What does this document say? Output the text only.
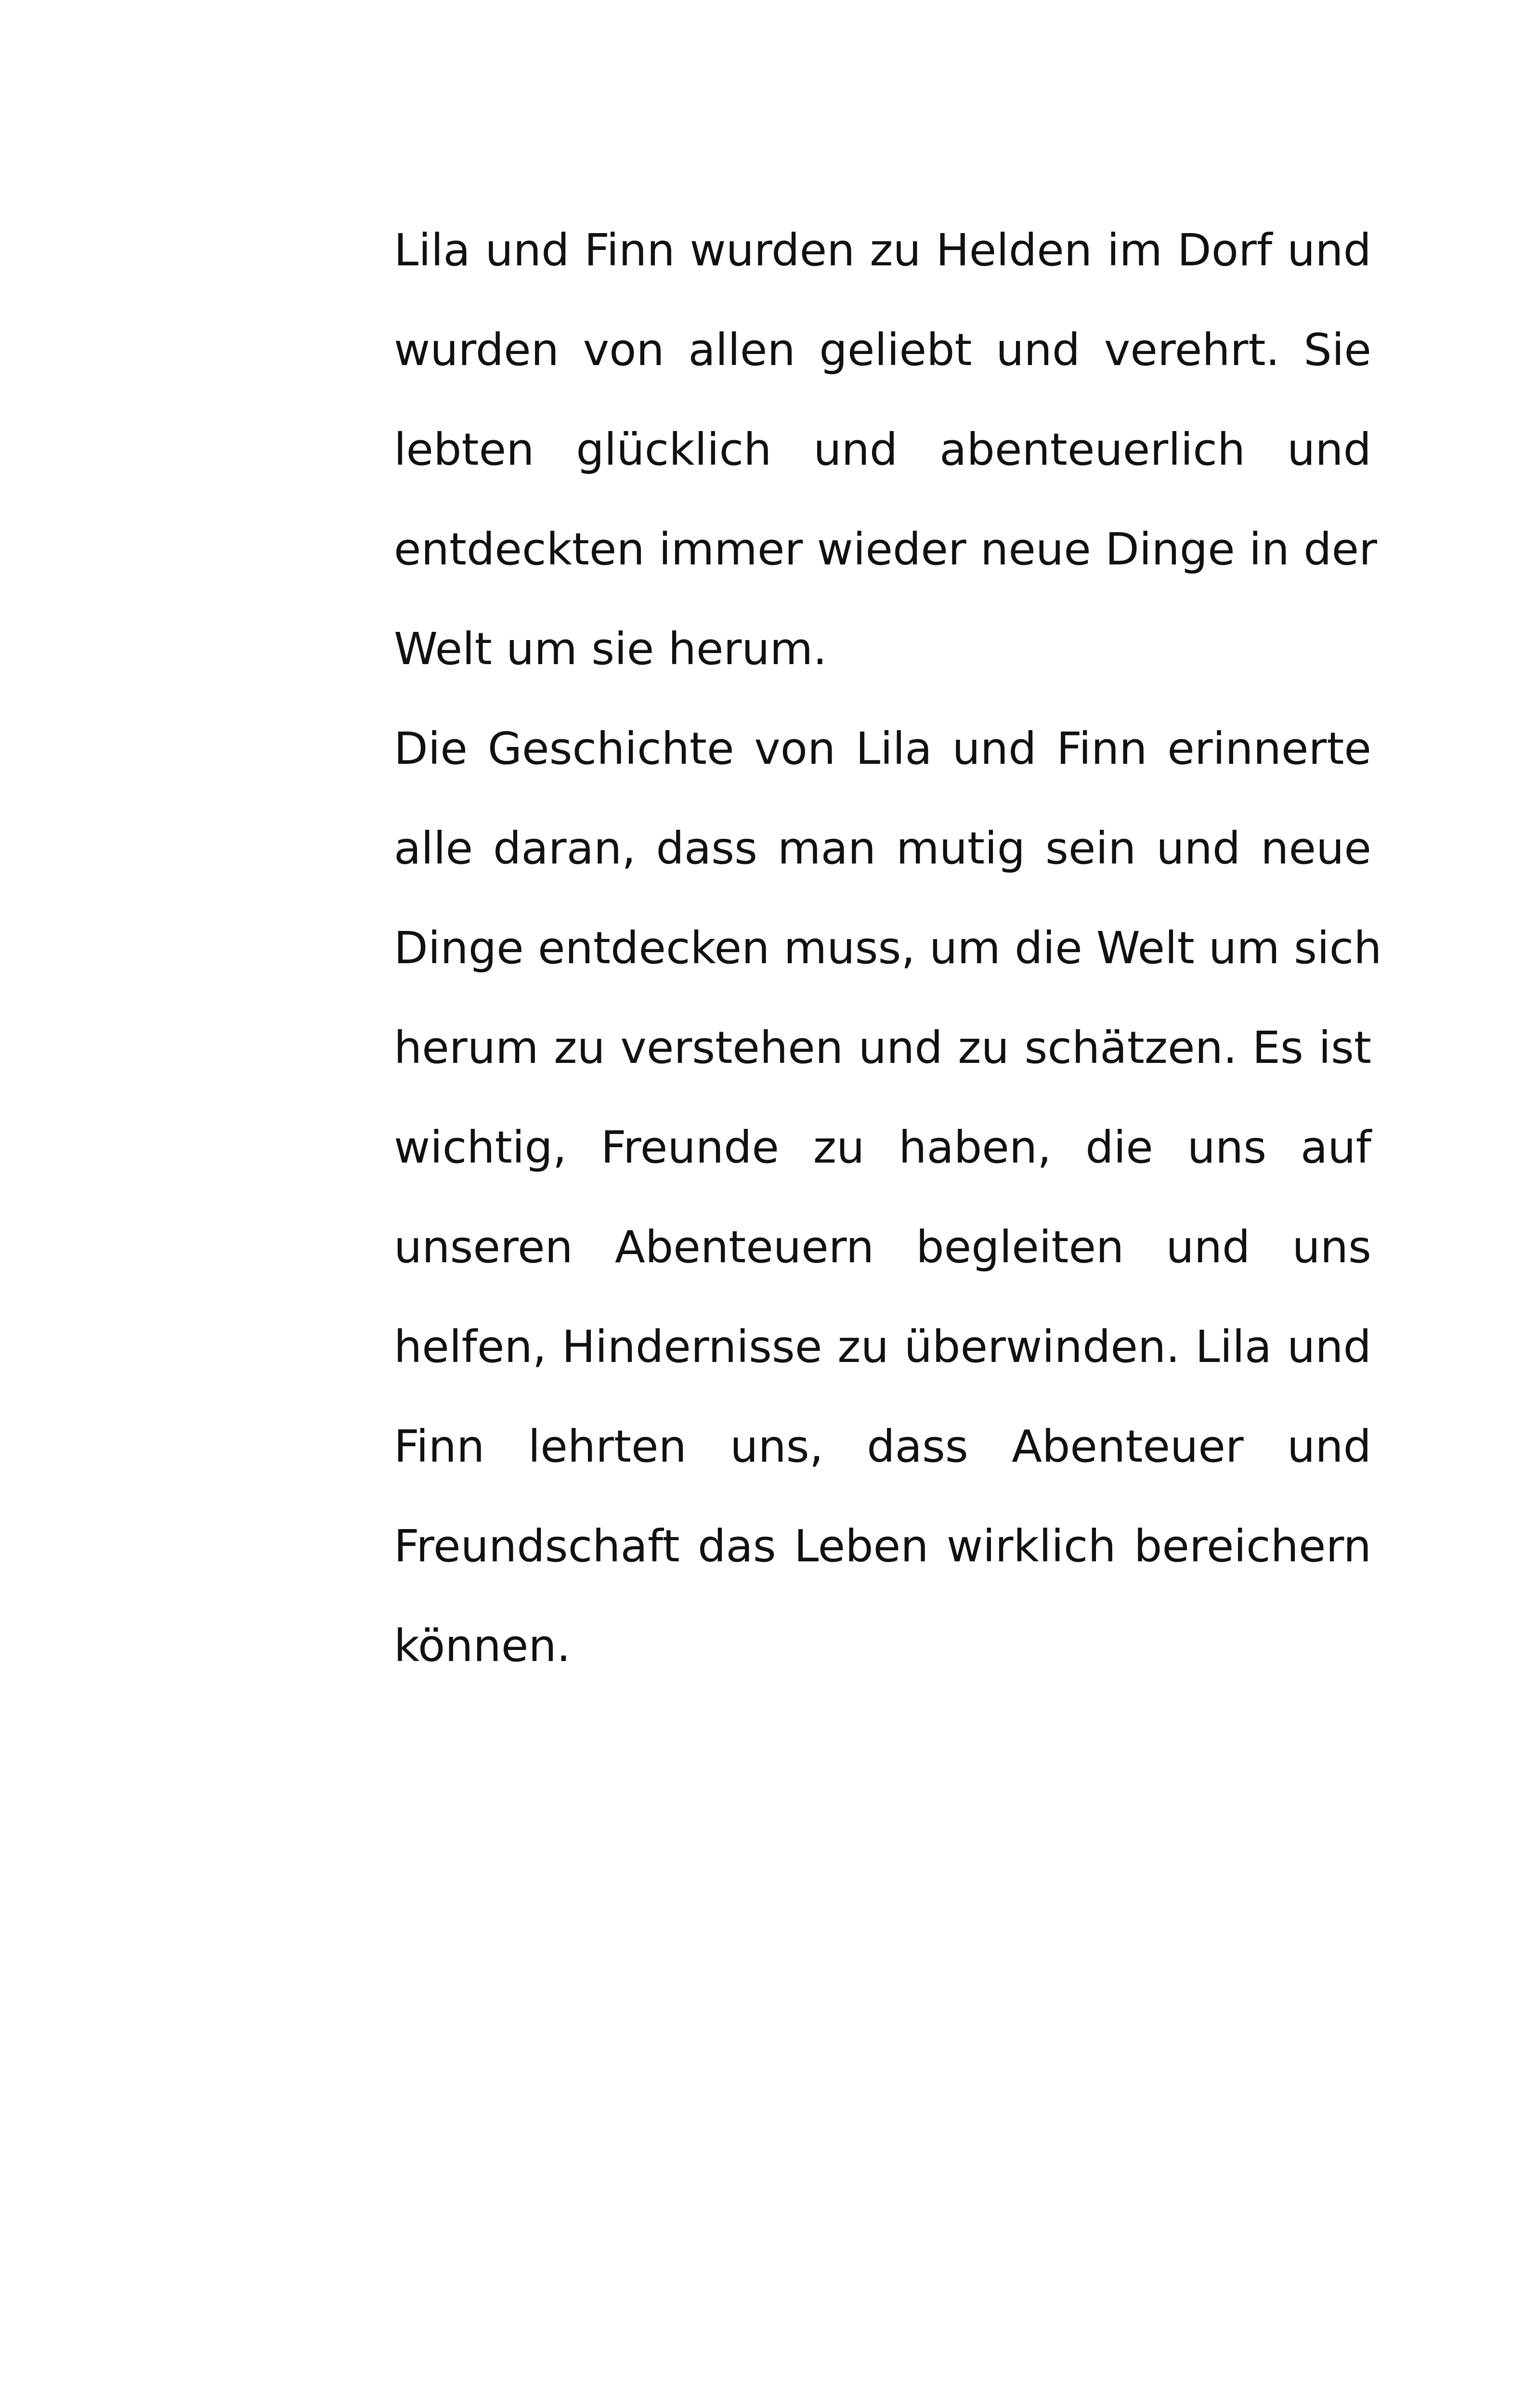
Lila und Finn wurden zu Helden im Dorf und
wurden von allen geliebt und verehrt. Sie
lebten glücklich und abenteuerlich und
entdeckten immer wieder neue Dinge in der
Welt um sie herum.
Die Geschichte von Lila und Finn erinnerte
alle daran, dass man mutig sein und neue
Dinge entdecken muss, um die Welt um sich
herum zu verstehen und zu schätzen. Es ist
wichtig, Freunde zu haben, die uns auf
unseren Abenteuern begleiten und uns
helfen, Hindernisse zu überwinden. Lila und
Finn lehrten uns, dass Abenteuer und
Freundschaft das Leben wirklich bereichern
können.
